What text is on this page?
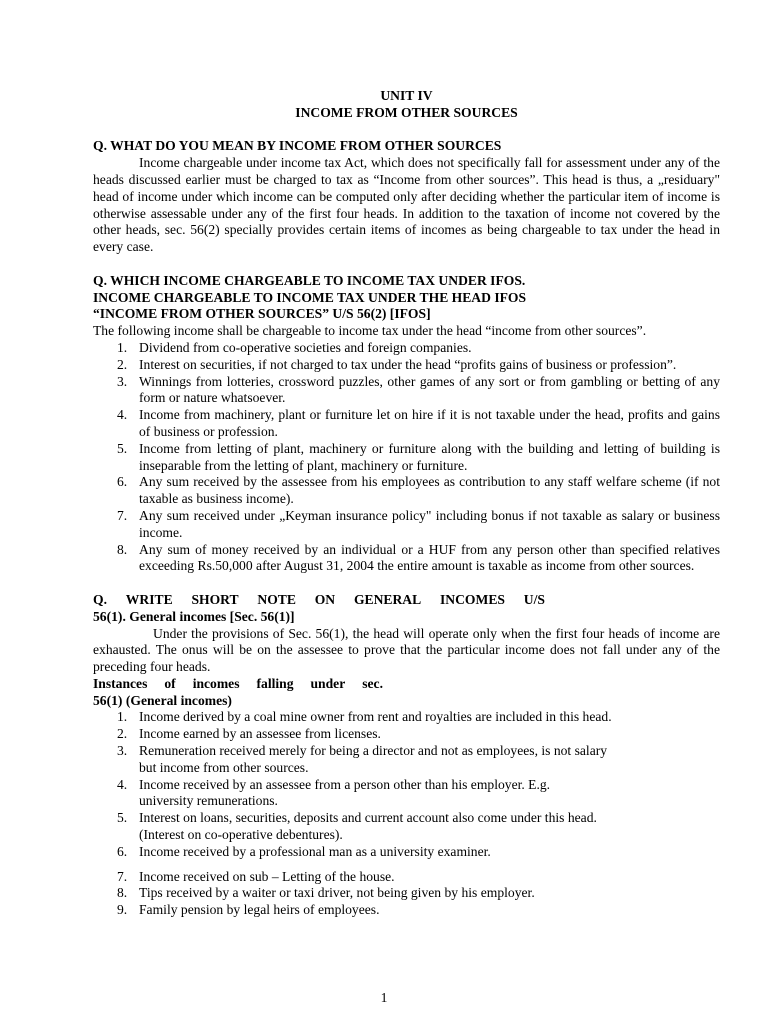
UNIT IV
INCOME FROM OTHER SOURCES
Q. WHAT DO YOU MEAN BY INCOME FROM OTHER SOURCES
Income chargeable under income tax Act, which does not specifically fall for assessment under any of the heads discussed earlier must be charged to tax as “Income from other sources”. This head is thus, a „residuary" head of income under which income can be computed only after deciding whether the particular item of income is otherwise assessable under any of the first four heads. In addition to the taxation of income not covered by the other heads, sec. 56(2) specially provides certain items of incomes as being chargeable to tax under the head in every case.
Q. WHICH INCOME CHARGEABLE TO INCOME TAX UNDER IFOS.
INCOME CHARGEABLE TO INCOME TAX UNDER THE HEAD IFOS
“INCOME FROM OTHER SOURCES” U/S 56(2) [IFOS]
The following income shall be chargeable to income tax under the head “income from other sources”.
1. Dividend from co-operative societies and foreign companies.
2. Interest on securities, if not charged to tax under the head “profits gains of business or profession”.
3. Winnings from lotteries, crossword puzzles, other games of any sort or from gambling or betting of any form or nature whatsoever.
4. Income from machinery, plant or furniture let on hire if it is not taxable under the head, profits and gains of business or profession.
5. Income from letting of plant, machinery or furniture along with the building and letting of building is inseparable from the letting of plant, machinery or furniture.
6. Any sum received by the assessee from his employees as contribution to any staff welfare scheme (if not taxable as business income).
7. Any sum received under „Keyman insurance policy" including bonus if not taxable as salary or business income.
8. Any sum of money received by an individual or a HUF from any person other than specified relatives exceeding Rs.50,000 after August 31, 2004 the entire amount is taxable as income from other sources.
Q. WRITE SHORT NOTE ON GENERAL INCOMES U/S
56(1). General incomes [Sec. 56(1)]
Under the provisions of Sec. 56(1), the head will operate only when the first four heads of income are exhausted. The onus will be on the assessee to prove that the particular income does not fall under any of the preceding four heads.
Instances of incomes falling under sec.
56(1) (General incomes)
1. Income derived by a coal mine owner from rent and royalties are included in this head.
2. Income earned by an assessee from licenses.
3. Remuneration received merely for being a director and not as employees, is not salary
but income from other sources.
4. Income received by an assessee from a person other than his employer. E.g.
university remunerations.
5. Interest on loans, securities, deposits and current account also come under this head.
(Interest on co-operative debentures).
6. Income received by a professional man as a university examiner.
7. Income received on sub – Letting of the house.
8. Tips received by a waiter or taxi driver, not being given by his employer.
9. Family pension by legal heirs of employees.
1
